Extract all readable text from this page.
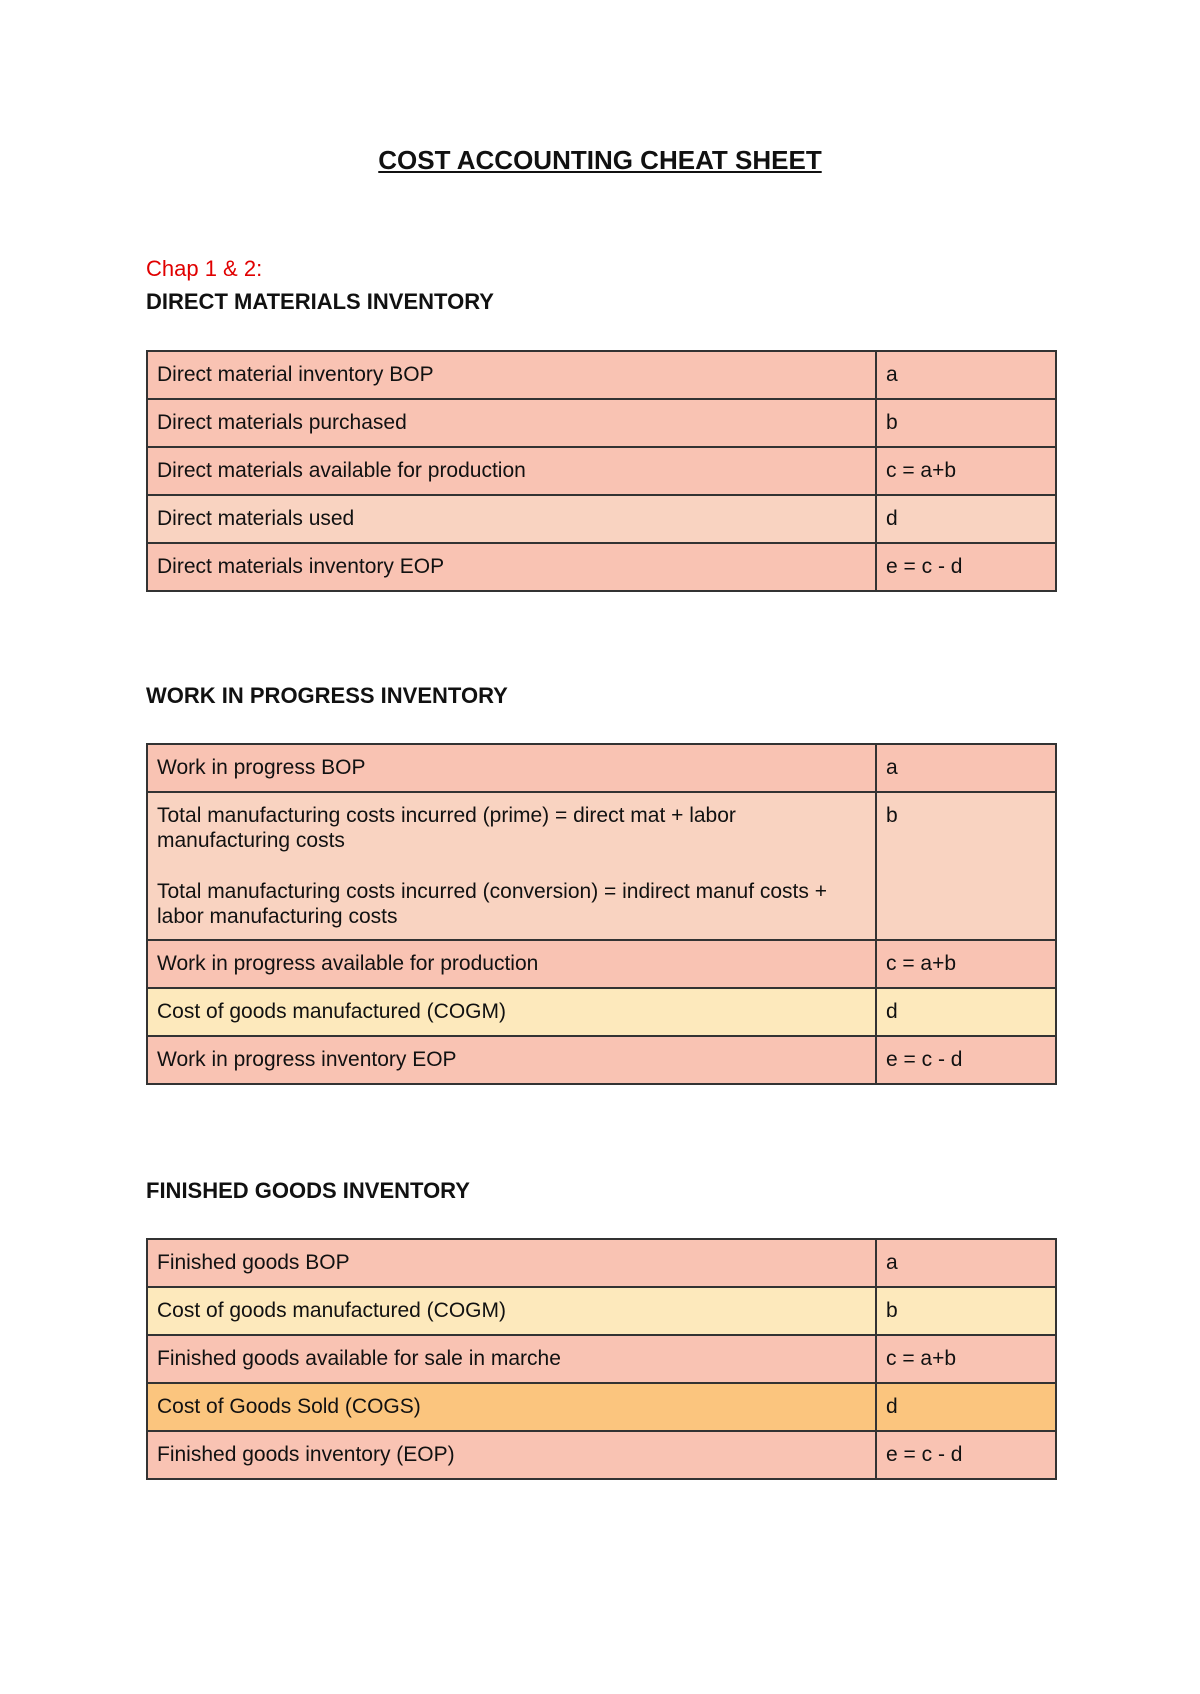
COST ACCOUNTING CHEAT SHEET
Chap 1 & 2:
DIRECT MATERIALS INVENTORY
Direct material inventory BOP	a
Direct materials purchased	b
Direct materials available for production	c = a+b
Direct materials used	d
Direct materials inventory EOP	e = c - d
WORK IN PROGRESS INVENTORY
Work in progress BOP	a
Total manufacturing costs incurred (prime) = direct mat + labor manufacturing costs
Total manufacturing costs incurred (conversion) = indirect manuf costs + labor manufacturing costs	b
Work in progress available for production	c = a+b
Cost of goods manufactured (COGM)	d
Work in progress inventory EOP	e = c - d
FINISHED GOODS INVENTORY
Finished goods BOP	a
Cost of goods manufactured (COGM)	b
Finished goods available for sale in marche	c = a+b
Cost of Goods Sold (COGS)	d
Finished goods inventory (EOP)	e = c - d
